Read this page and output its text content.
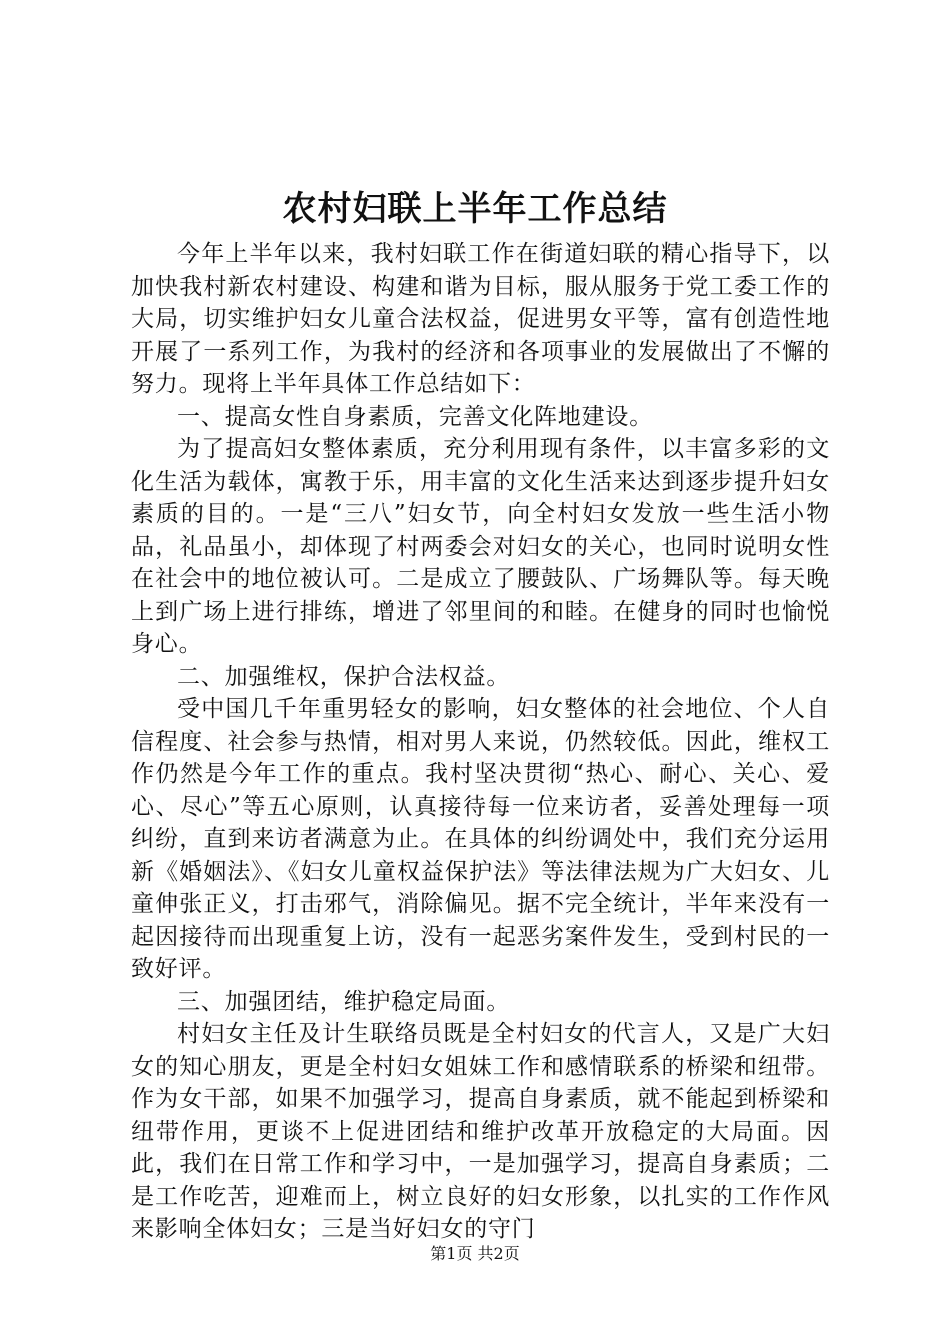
农村妇联上半年工作总结

今年上半年以来，我村妇联工作在街道妇联的精心指导下，以加快我村新农村建设、构建和谐为目标，服从服务于党工委工作的大局，切实维护妇女儿童合法权益，促进男女平等，富有创造性地开展了一系列工作，为我村的经济和各项事业的发展做出了不懈的努力。现将上半年具体工作总结如下：

一、提高女性自身素质，完善文化阵地建设。

为了提高妇女整体素质，充分利用现有条件，以丰富多彩的文化生活为载体，寓教于乐，用丰富的文化生活来达到逐步提升妇女素质的目的。一是“三八”妇女节，向全村妇女发放一些生活小物品，礼品虽小，却体现了村两委会对妇女的关心，也同时说明女性在社会中的地位被认可。二是成立了腰鼓队、广场舞队等。每天晚上到广场上进行排练，增进了邻里间的和睦。在健身的同时也愉悦身心。

二、加强维权，保护合法权益。

受中国几千年重男轻女的影响，妇女整体的社会地位、个人自信程度、社会参与热情，相对男人来说，仍然较低。因此，维权工作仍然是今年工作的重点。我村坚决贯彻“热心、耐心、关心、爱心、尽心”等五心原则，认真接待每一位来访者，妥善处理每一项纠纷，直到来访者满意为止。在具体的纠纷调处中，我们充分运用新《婚姻法》、《妇女儿童权益保护法》等法律法规为广大妇女、儿童伸张正义，打击邪气，消除偏见。据不完全统计，半年来没有一起因接待而出现重复上访，没有一起恶劣案件发生，受到村民的一致好评。

三、加强团结，维护稳定局面。

村妇女主任及计生联络员既是全村妇女的代言人，又是广大妇女的知心朋友，更是全村妇女姐妹工作和感情联系的桥梁和纽带。作为女干部，如果不加强学习，提高自身素质，就不能起到桥梁和纽带作用，更谈不上促进团结和维护改革开放稳定的大局面。因此，我们在日常工作和学习中，一是加强学习，提高自身素质；二是工作吃苦，迎难而上，树立良好的妇女形象，以扎实的工作作风来影响全体妇女；三是当好妇女的守门

第1页 共2页
